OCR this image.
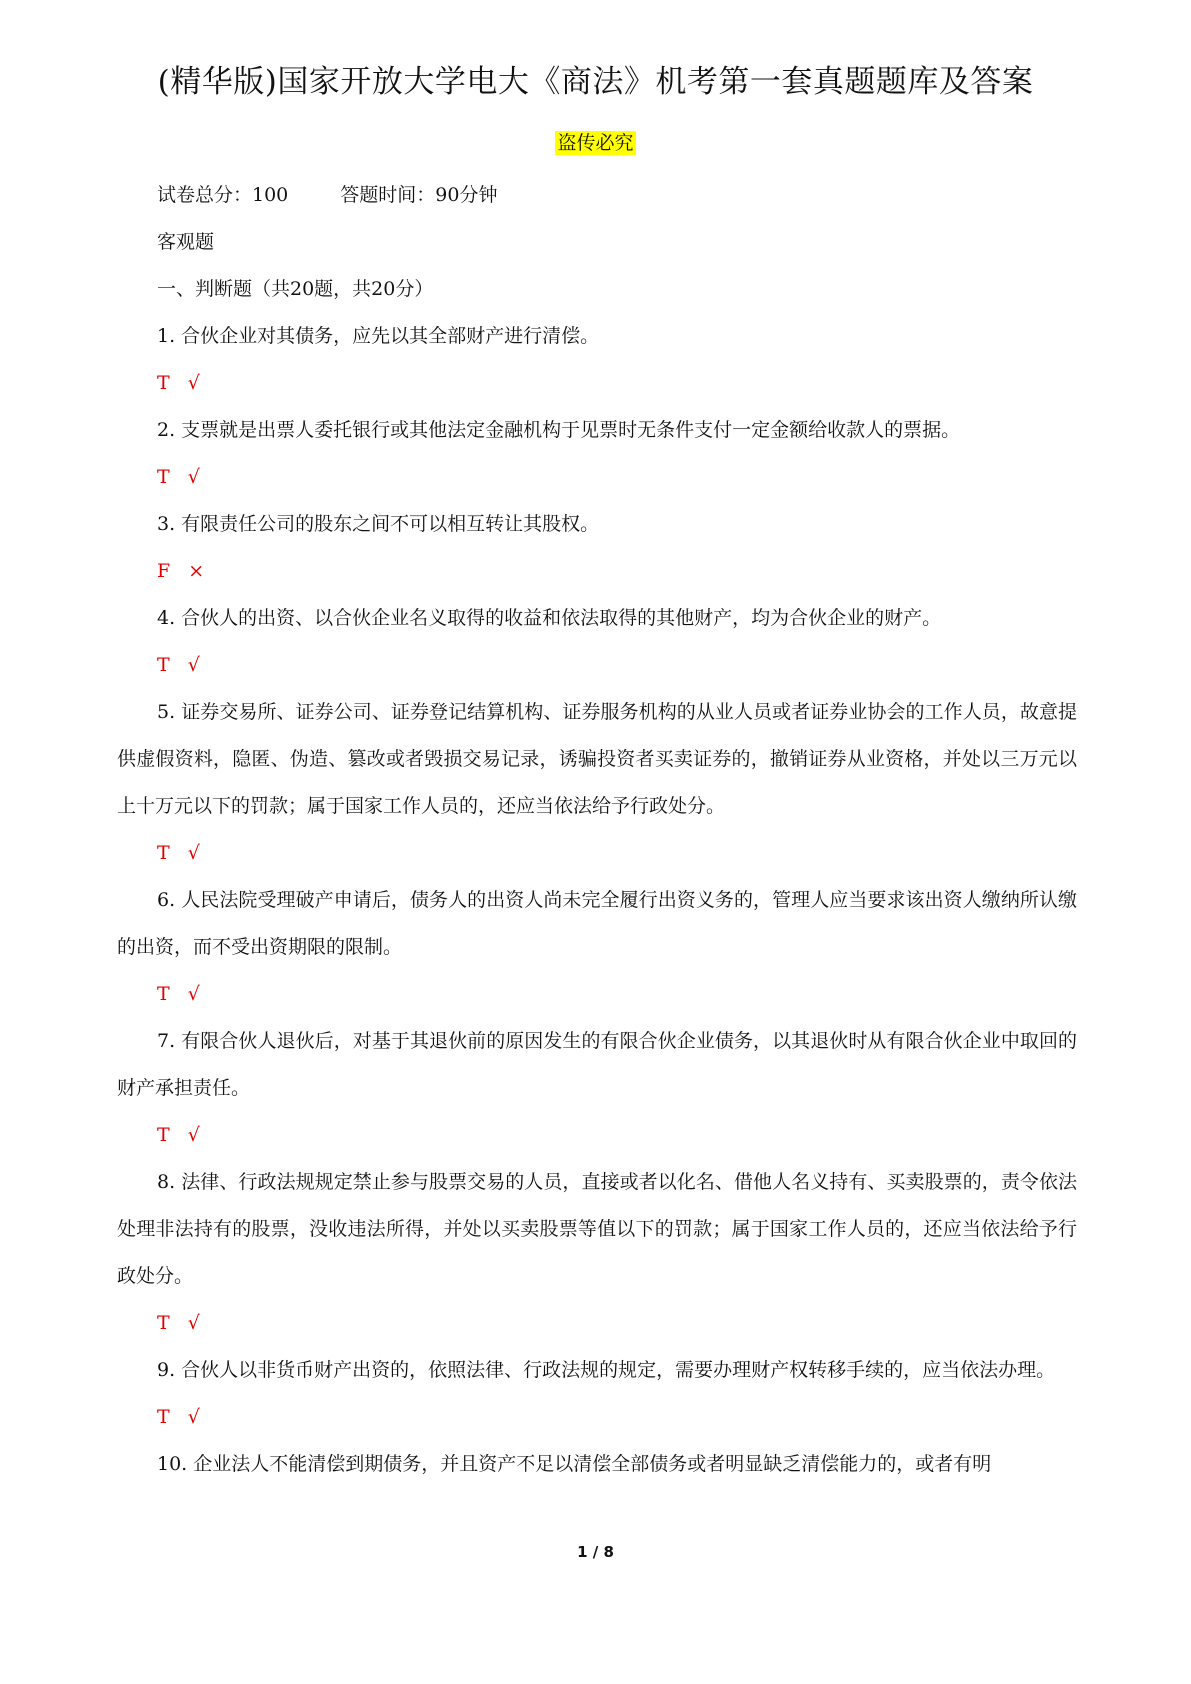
(精华版)国家开放大学电大《商法》机考第一套真题题库及答案
盗传必究

试卷总分：100	答题时间：90分钟

客观题

一、判断题（共20题，共20分）

1. 合伙企业对其债务，应先以其全部财产进行清偿。

T √

2. 支票就是出票人委托银行或其他法定金融机构于见票时无条件支付一定金额给收款人的票据。

T √

3. 有限责任公司的股东之间不可以相互转让其股权。

F ×

4. 合伙人的出资、以合伙企业名义取得的收益和依法取得的其他财产，均为合伙企业的财产。

T √

5. 证券交易所、证券公司、证券登记结算机构、证券服务机构的从业人员或者证券业协会的工作人员，故意提供虚假资料，隐匿、伪造、篡改或者毁损交易记录，诱骗投资者买卖证券的，撤销证券从业资格，并处以三万元以上十万元以下的罚款；属于国家工作人员的，还应当依法给予行政处分。

T √

6. 人民法院受理破产申请后，债务人的出资人尚未完全履行出资义务的，管理人应当要求该出资人缴纳所认缴的出资，而不受出资期限的限制。

T √

7. 有限合伙人退伙后，对基于其退伙前的原因发生的有限合伙企业债务，以其退伙时从有限合伙企业中取回的财产承担责任。

T √

8. 法律、行政法规规定禁止参与股票交易的人员，直接或者以化名、借他人名义持有、买卖股票的，责令依法处理非法持有的股票，没收违法所得，并处以买卖股票等值以下的罚款；属于国家工作人员的，还应当依法给予行政处分。

T √

9. 合伙人以非货币财产出资的，依照法律、行政法规的规定，需要办理财产权转移手续的，应当依法办理。

T √

10. 企业法人不能清偿到期债务，并且资产不足以清偿全部债务或者明显缺乏清偿能力的，或者有明

1 / 8
